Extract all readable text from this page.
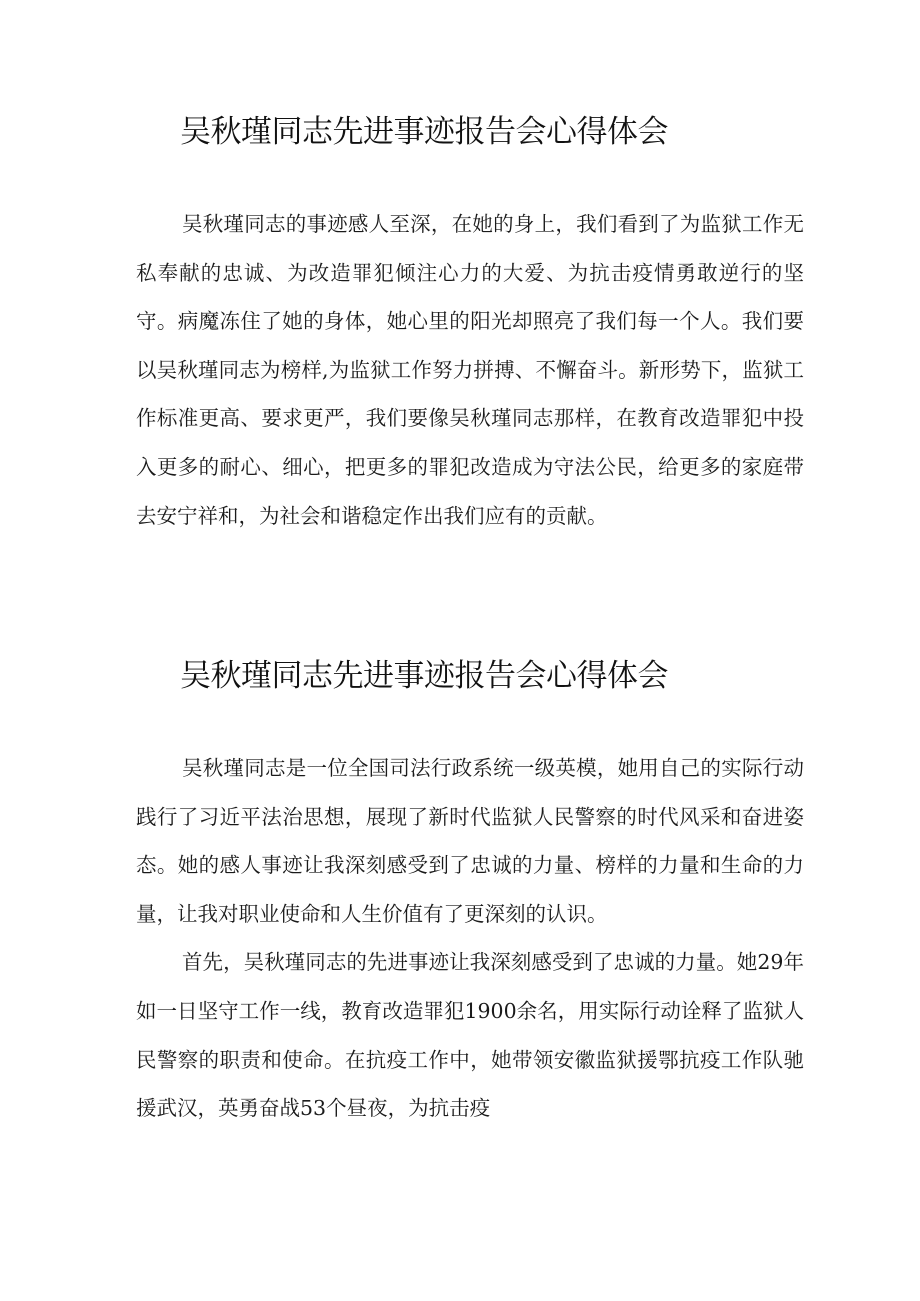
吴秋瑾同志先进事迹报告会心得体会

吴秋瑾同志的事迹感人至深，在她的身上，我们看到了为监狱工作无私奉献的忠诚、为改造罪犯倾注心力的大爱、为抗击疫情勇敢逆行的坚守。病魔冻住了她的身体，她心里的阳光却照亮了我们每一个人。我们要以吴秋瑾同志为榜样,为监狱工作努力拼搏、不懈奋斗。新形势下，监狱工作标准更高、要求更严，我们要像吴秋瑾同志那样，在教育改造罪犯中投入更多的耐心、细心，把更多的罪犯改造成为守法公民，给更多的家庭带去安宁祥和，为社会和谐稳定作出我们应有的贡献。

吴秋瑾同志先进事迹报告会心得体会

吴秋瑾同志是一位全国司法行政系统一级英模，她用自己的实际行动践行了习近平法治思想，展现了新时代监狱人民警察的时代风采和奋进姿态。她的感人事迹让我深刻感受到了忠诚的力量、榜样的力量和生命的力量，让我对职业使命和人生价值有了更深刻的认识。

首先，吴秋瑾同志的先进事迹让我深刻感受到了忠诚的力量。她29年如一日坚守工作一线，教育改造罪犯1900余名，用实际行动诠释了监狱人民警察的职责和使命。在抗疫工作中，她带领安徽监狱援鄂抗疫工作队驰援武汉，英勇奋战53个昼夜，为抗击疫
